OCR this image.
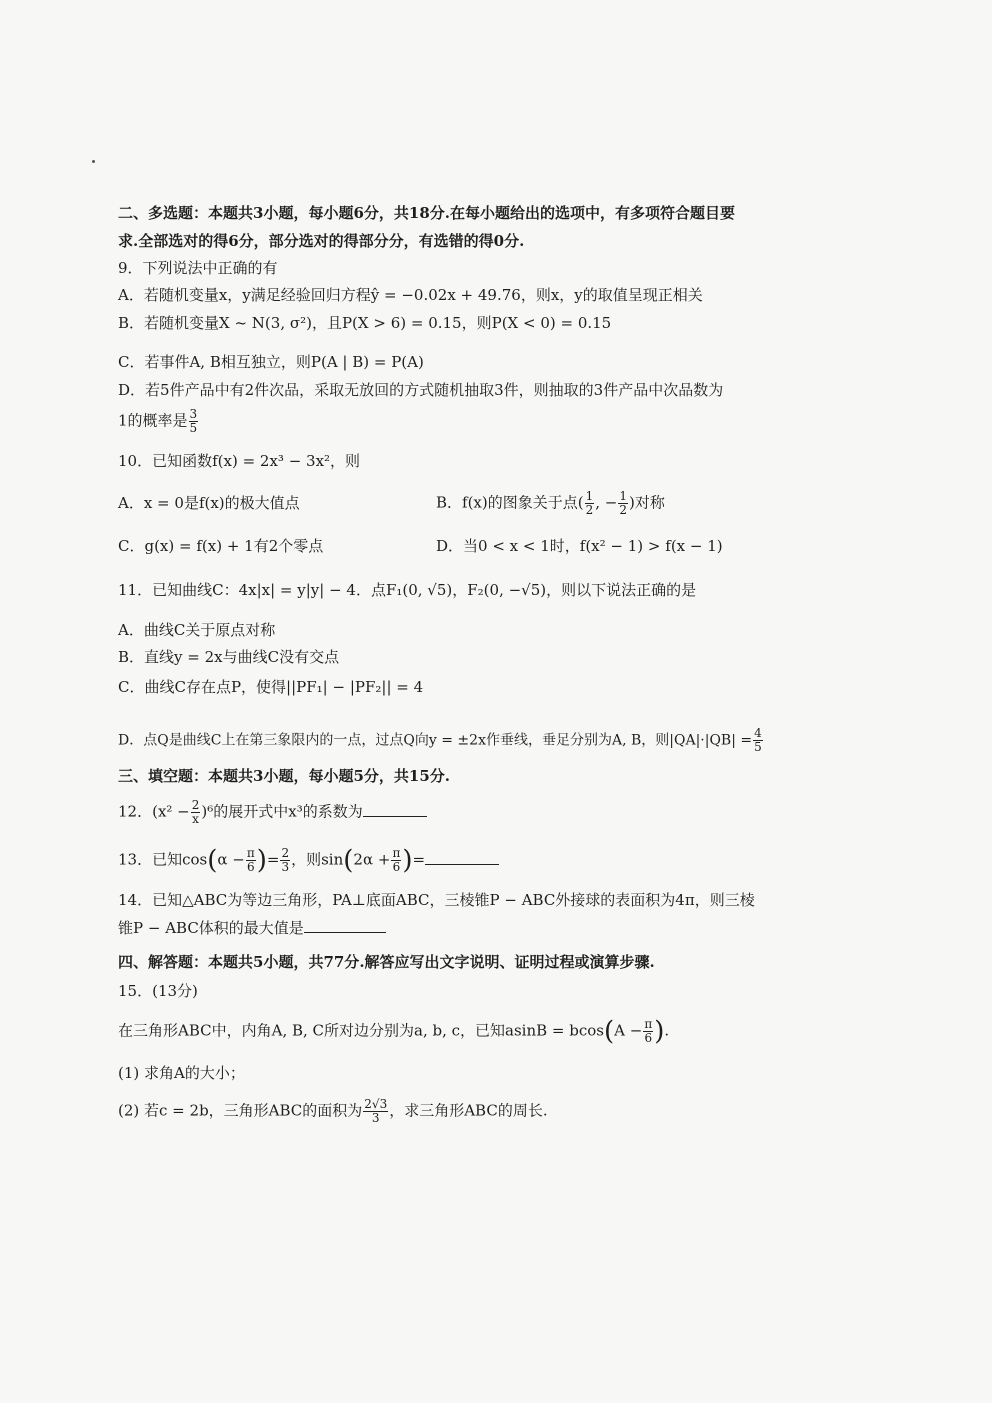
二、多选题：本题共3小题，每小题6分，共18分.在每小题给出的选项中，有多项符合题目要
求.全部选对的得6分，部分选对的得部分分，有选错的得0分.
9．下列说法中正确的有
A．若随机变量x，y满足经验回归方程ŷ = −0.02x + 49.76，则x，y的取值呈现正相关
B．若随机变量X ~ N(3, σ²)，且P(X > 6) = 0.15，则P(X < 0) = 0.15
C．若事件A, B相互独立，则P(A | B) = P(A)
D．若5件产品中有2件次品，采取无放回的方式随机抽取3件，则抽取的3件产品中次品数为
1的概率是 $\frac{3}{5}$
10．已知函数f(x) = 2x³ − 3x²，则
A．x = 0是f(x)的极大值点	B．f(x)的图象关于点( $\frac{1}{2}$ , − $\frac{1}{2}$ )对称
C．g(x) = f(x) + 1有2个零点	D．当0 < x < 1时，f(x² − 1) > f(x − 1)
11．已知曲线C：4x|x| = y|y| − 4．点F₁(0, √5)，F₂(0, −√5)，则以下说法正确的是
A．曲线C关于原点对称
B．直线y = 2x与曲线C没有交点
C．曲线C存在点P，使得||PF₁| − |PF₂|| = 4
D．点Q是曲线C上在第三象限内的一点，过点Q向y = ±2x作垂线，垂足分别为A, B，则$|QA|\cdot|QB| = \frac{4}{5}$
三、填空题：本题共3小题，每小题5分，共15分.
12．$(x^2 - \frac{2}{x} )^6$的展开式中x³的系数为
13．已知$\cos(\alpha - \frac{\pi}{6}$ )= $\frac{2}{3}$ ，则$\sin(2\alpha + \frac{\pi}{6}$ )=
14．已知△ABC为等边三角形，PA⊥底面ABC，三棱锥P − ABC外接球的表面积为4π，则三棱
锥P − ABC体积的最大值是
四、解答题：本题共5小题，共77分.解答应写出文字说明、证明过程或演算步骤.
15．(13分)
在三角形ABC中，内角A, B, C所对边分别为a, b, c，已知$asinB = bcos(A - \frac{\pi}{6}$ ).
(1) 求角A的大小；
(2) 若c = 2b，三角形ABC的面积为 $\frac{2√3}{3}$ ，求三角形ABC的周长.
